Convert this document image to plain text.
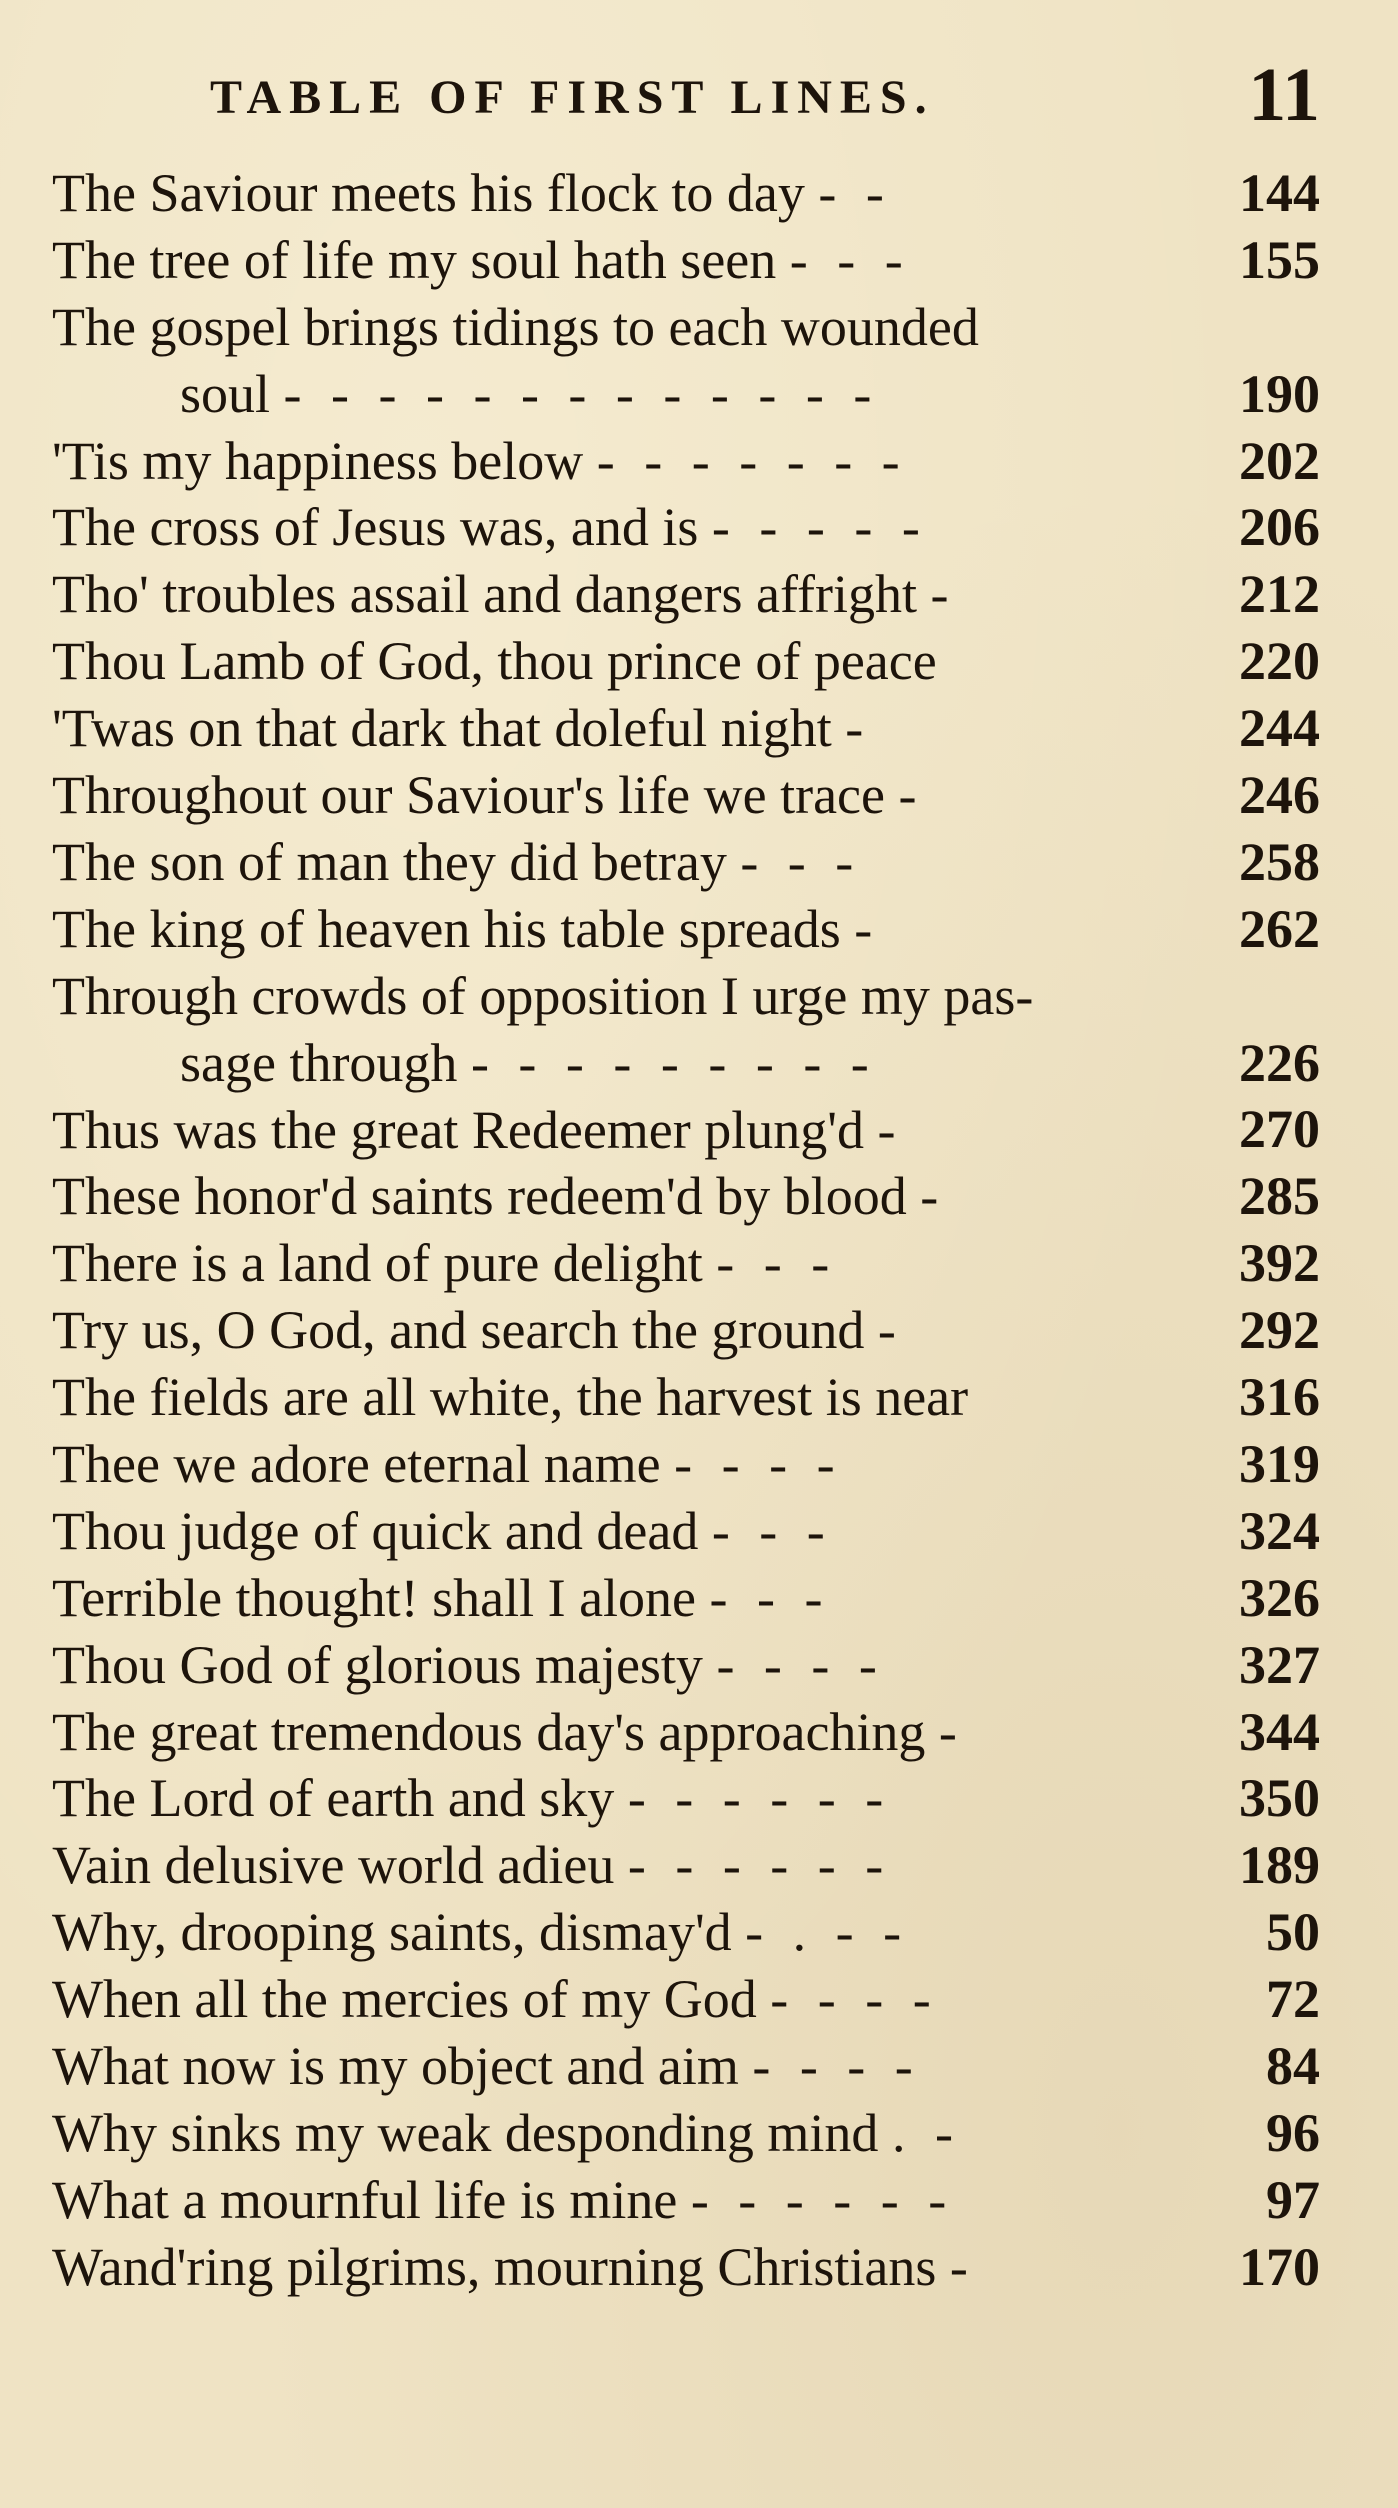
TABLE OF FIRST LINES.	11
The Saviour meets his flock to day - -	144
The tree of life my soul hath seen - - -	155
The gospel brings tidings to each wounded
soul - - - - - - - - - - - - -	190
'Tis my happiness below - - - - - - -	202
The cross of Jesus was, and is - - - - -	206
Tho' troubles assail and dangers affright -	212
Thou Lamb of God, thou prince of peace	220
'Twas on that dark that doleful night -	244
Throughout our Saviour's life we trace -	246
The son of man they did betray - - -	258
The king of heaven his table spreads -	262
Through crowds of opposition I urge my pas-
sage through - - - - - - - - -	226
Thus was the great Redeemer plung'd -	270
These honor'd saints redeem'd by blood -	285
There is a land of pure delight - - -	392
Try us, O God, and search the ground -	292
The fields are all white, the harvest is near	316
Thee we adore eternal name - - - -	319
Thou judge of quick and dead - - -	324
Terrible thought! shall I alone - - -	326
Thou God of glorious majesty - - - -	327
The great tremendous day's approaching -	344
The Lord of earth and sky - - - - - -	350
Vain delusive world adieu - - - - - -	189
Why, drooping saints, dismay'd - . - -	50
When all the mercies of my God - - - -	72
What now is my object and aim - - - -	84
Why sinks my weak desponding mind . -	96
What a mournful life is mine - - - - - -	97
Wand'ring pilgrims, mourning Christians -	170
